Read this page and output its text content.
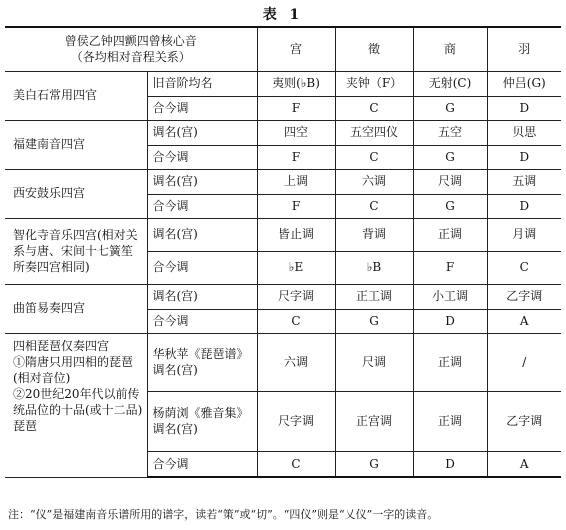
表 1
曾侯乙钟四颤四曾核心音
（各均相对音程关系）		宫	徵	商	羽
美白石常用四官	旧音阶均名	夷则(♭B)	夹钟（F）	无射(C)	仲吕(G)
	合今调	F	C	G	D
福建南音四宫	调名(宫)	四空	五空四仪	五空	贝思
	合今调	F	C	G	D
西安鼓乐四宫	调名(宫)	上调	六调	尺调	五调
	合今调	F	C	G	D
智化寺音乐四宫(相对关系与唐、宋间十七簧笙所奏四宫相同)	调名(宫)	皆止调	背调	正调	月调
	合今调	♭E	♭B	F	C
曲笛易奏四宫	调名(宫)	尺字调	正工调	小工调	乙字调
	合今调	C	G	D	A

四相琵琶仅奏四宫
①隋唐只用四相的琵琶(相对音位)
②20世纪20年代以前传统品位的十品(或十二品)琵琶	华秋苹《琵琶谱》调名(宫)	六调	尺调	正调	/
	杨荫浏《雅音集》调名(宫)	尺字调	正宫调	正调	乙字调
	合今调	C	G	D	A
注：“仪”是福建南音乐谱所用的谱字，读若“策”或“切”。“四仪”则是“乂仪”一字的读音。
